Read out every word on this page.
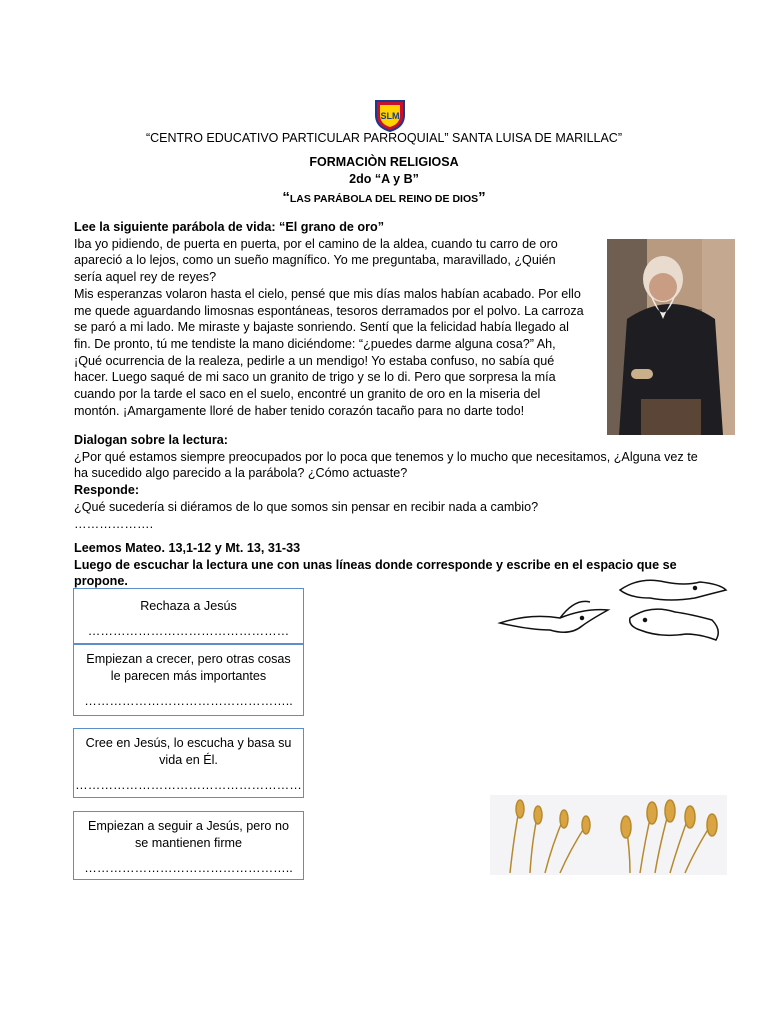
SLM
“CENTRO EDUCATIVO PARTICULAR PARROQUIAL” SANTA LUISA DE MARILLAC”
FORMACIÒN RELIGIOSA
2do “A y B”
“LAS PARÁBOLA DEL REINO DE DIOS”
Lee la siguiente parábola de vida: “El grano de oro”
Iba yo pidiendo, de puerta en puerta, por el camino de la aldea, cuando tu carro de oro
apareció a lo lejos, como un sueño magnífico. Yo me preguntaba, maravillado, ¿Quién
sería aquel rey de reyes?
Mis esperanzas volaron hasta el cielo, pensé que mis días malos habían acabado. Por ello
me quede aguardando limosnas espontáneas, tesoros derramados por el polvo. La carroza
se paró a mi lado. Me miraste y bajaste sonriendo. Sentí que la felicidad había llegado al
fin. De pronto, tú me tendiste la mano diciéndome: “¿puedes darme alguna cosa?” Ah,
¡Qué ocurrencia de la realeza, pedirle a un mendigo! Yo estaba confuso, no sabía qué
hacer. Luego saqué de mi saco un granito de trigo y se lo di. Pero que sorpresa la mía
cuando por la tarde el saco en el suelo, encontré un granito de oro en la miseria del
montón. ¡Amargamente lloré de haber tenido corazón tacaño para no darte todo!
Dialogan sobre la lectura:
¿Por qué estamos siempre preocupados por lo poca que tenemos y lo mucho que necesitamos, ¿Alguna vez te
ha sucedido algo parecido a la parábola? ¿Cómo actuaste?
Responde:
¿Qué sucedería si diéramos de lo que somos sin pensar en recibir nada a cambio?
……………….
Leemos Mateo. 13,1-12 y Mt. 13, 31-33
Luego de escuchar la lectura une con unas líneas donde corresponde y escribe en el espacio que se propone.
Rechaza a Jesús
…………………………………………
Empiezan a crecer, pero otras cosas
le parecen más importantes
…………………………………………..
Cree en Jesús, lo escucha y basa su
vida en Él.
………………………………………………
Empiezan a seguir a Jesús, pero no
se mantienen firme
…………………………………………..
